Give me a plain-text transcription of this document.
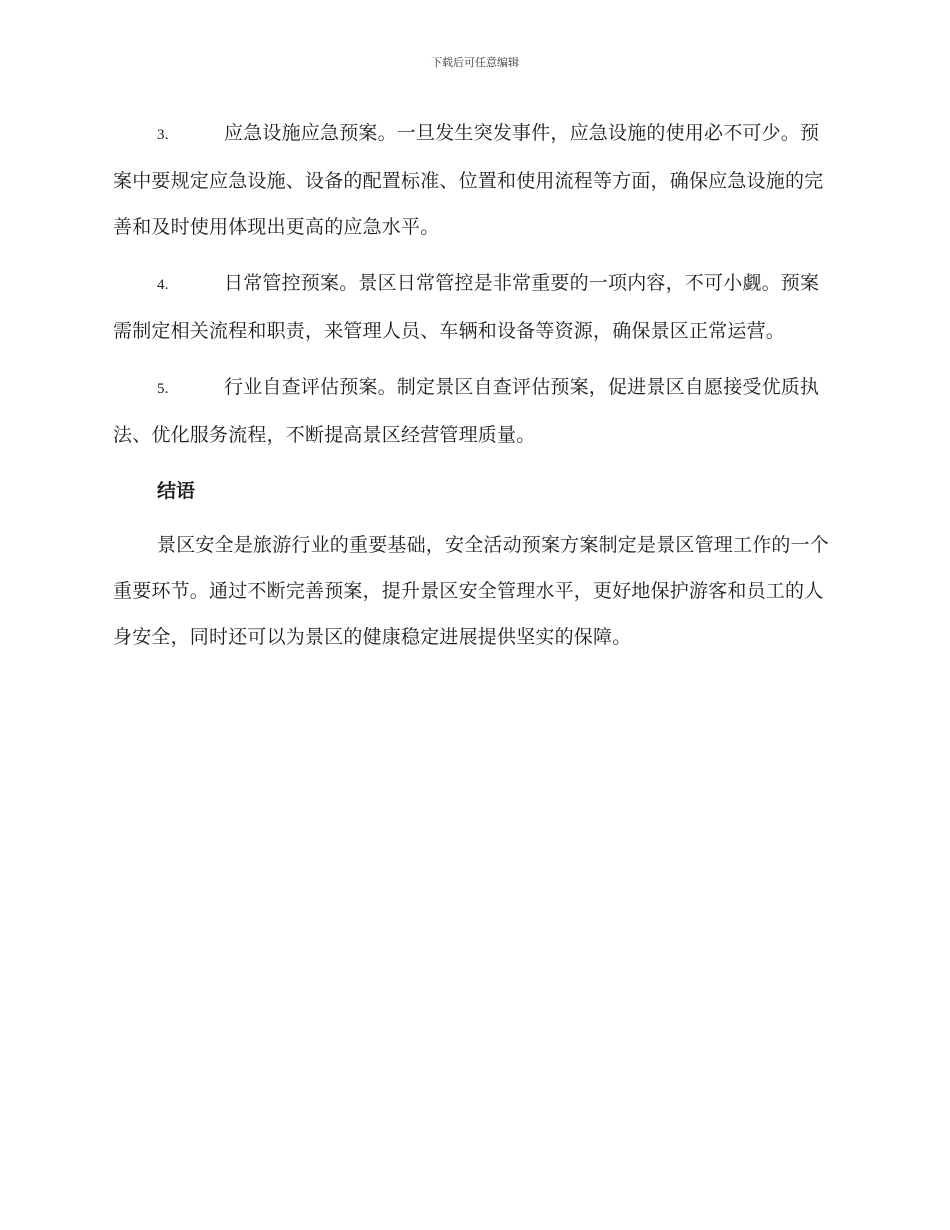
下载后可任意编辑

3.	应急设施应急预案。一旦发生突发事件，应急设施的使用必不可少。预案中要规定应急设施、设备的配置标准、位置和使用流程等方面，确保应急设施的完善和及时使用体现出更高的应急水平。

4.	日常管控预案。景区日常管控是非常重要的一项内容，不可小觑。预案需制定相关流程和职责，来管理人员、车辆和设备等资源，确保景区正常运营。

5.	行业自查评估预案。制定景区自查评估预案，促进景区自愿接受优质执法、优化服务流程，不断提高景区经营管理质量。

结语

景区安全是旅游行业的重要基础，安全活动预案方案制定是景区管理工作的一个重要环节。通过不断完善预案，提升景区安全管理水平，更好地保护游客和员工的人身安全，同时还可以为景区的健康稳定进展提供坚实的保障。
